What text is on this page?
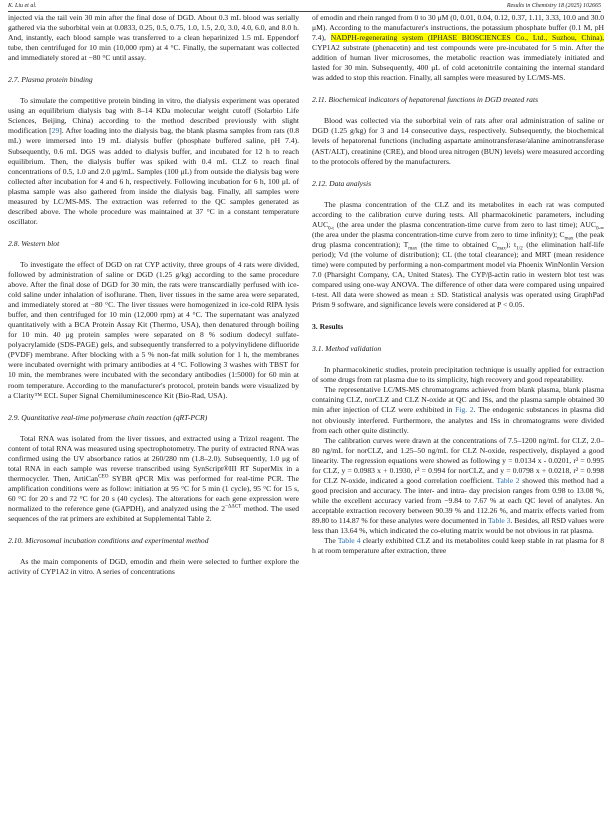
K. Liu et al.	Results in Chemistry 18 (2025) 102665

injected via the tail vein 30 min after the final dose of DGD. About 0.3 mL blood was serially gathered via the suborbital vein at 0.0833, 0.25, 0.5, 0.75, 1.0, 1.5, 2.0, 3.0, 4.0, 6.0, and 8.0 h. And, instantly, each blood sample was transferred to a clean heparinized 1.5 mL Eppendorf tube, then centrifuged for 10 min (10,000 rpm) at 4 °C. Finally, the supernatant was collected and immediately stored at −80 °C until assay.

2.7. Plasma protein binding

To simulate the competitive protein binding in vitro, the dialysis experiment was operated using an equilibrium dialysis bag with 8–14 KDa molecular weight cutoff (Solarbio Life Sciences, Beijing, China) according to the method described previously with slight modification [29]. After loading into the dialysis bag, the blank plasma samples from rats (0.8 mL) were immersed into 19 mL dialysis buffer (phosphate buffered saline, pH 7.4). Subsequently, 0.6 mL DGS was added to dialysis buffer, and incubated for 12 h to reach equilibrium. Then, the dialysis buffer was spiked with 0.4 mL CLZ to reach final concentrations of 0.5, 1.0 and 2.0 μg/mL. Samples (100 μL) from outside the dialysis bag were collected after incubation for 4 and 6 h, respectively. Following incubation for 6 h, 100 μL of plasma sample was also gathered from inside the dialysis bag. Finally, all samples were measured by LC/MS-MS. The extraction was referred to the QC samples generated as described above. The whole procedure was maintained at 37 °C in a constant temperature oscillator.

2.8. Western blot

To investigate the effect of DGD on rat CYP activity, three groups of 4 rats were divided, followed by administration of saline or DGD (1.25 g/kg) according to the same procedure above. After the final dose of DGD for 30 min, the rats were transcardially perfused with ice-cold saline under inhalation of isoflurane. Then, liver tissues in the same area were separated, and immediately stored at −80 °C. The liver tissues were homogenized in ice-cold RIPA lysis buffer, and then centrifuged for 10 min (12,000 rpm) at 4 °C. The supernatant was analyzed quantitatively with a BCA Protein Assay Kit (Thermo, USA), then denatured through boiling for 10 min. 40 μg protein samples were separated on 8 % sodium dodecyl sulfate-polyacrylamide (SDS-PAGE) gels, and subsequently transferred to a polyvinylidene difluoride (PVDF) membrane. After blocking with a 5 % non-fat milk solution for 1 h, the membranes were incubated overnight with primary antibodies at 4 °C. Following 3 washes with TBST for 10 min, the membranes were incubated with the secondary antibodies (1:5000) for 60 min at room temperature. According to the manufacturer's protocol, protein bands were visualized by a Clarity™ ECL Super Signal Chemiluminescence Kit (Bio-Rad, USA).

2.9. Quantitative real-time polymerase chain reaction (qRT-PCR)

Total RNA was isolated from the liver tissues, and extracted using a Trizol reagent. The content of total RNA was measured using spectrophotometry. The purity of extracted RNA was confirmed using the UV absorbance ratios at 260/280 nm (1.8–2.0). Subsequently, 1.0 μg of total RNA in each sample was reverse transcribed using SynScript®III RT SuperMix in a thermocycler. Then, ArtiCan$^{CEO}$ SYBR qPCR Mix was performed for real-time PCR. The amplification conditions were as follow: initiation at 95 °C for 5 min (1 cycle), 95 °C for 15 s, 60 °C for 20 s and 72 °C for 20 s (40 cycles). The alterations for each gene expression were normalized to the reference gene (GAPDH), and analyzed using the $2^{-\Delta\Delta CT}$ method. The used sequences of the rat primers are exhibited at Supplemental Table 2.

2.10. Microsomal incubation conditions and experimental method

As the main components of DGD, emodin and rhein were selected to further explore the activity of CYP1A2 in vitro. A series of concentrations

of emodin and rhein ranged from 0 to 30 μM (0, 0.01, 0.04, 0.12, 0.37, 1.11, 3.33, 10.0 and 30.0 μM). According to the manufacturer's instructions, the potassium phosphate buffer (0.1 M, pH 7.4), NADPH-regenerating system (IPHASE BIOSCIENCES Co., Ltd., Suzhou, China), CYP1A2 substrate (phenacetin) and test compounds were pre-incubated for 5 min. After the addition of human liver microsomes, the metabolic reaction was immediately initiated and lasted for 30 min. Subsequently, 400 μL of cold acetonitrile containing the internal standard was added to stop this reaction. Finally, all samples were measured by LC/MS-MS.

2.11. Biochemical indicators of hepatorenal functions in DGD treated rats

Blood was collected via the suborbital vein of rats after oral administration of saline or DGD (1.25 g/kg) for 3 and 14 consecutive days, respectively. Subsequently, the biochemical levels of hepatorenal functions (including aspartate aminotransferase/alanine aminotransferase (AST/ALT), creatinine (CRE), and blood urea nitrogen (BUN) levels) were measured according to the protocols offered by the manufacturers.

2.12. Data analysis

The plasma concentration of the CLZ and its metabolites in each rat was computed according to the calibration curve during tests. All pharmacokinetic parameters, including $AUC_{0-t}$ (the area under the plasma concentration-time curve from zero to last time); $AUC_{0-\infty}$ (the area under the plasma concentration-time curve from zero to time infinity); $C_{max}$ (the peak drug plasma concentration); $T_{max}$ (the time to obtained $C_{max}$); $t_{1/2}$ (the elimination half-life period); Vd (the volume of distribution); CL (the total clearance); and MRT (mean residence time) were computed by performing a non-compartment model via Phoenix WinNonlin Version 7.0 (Pharsight Company, CA, United States). The CYP/β-actin ratio in western blot test was compared using one-way ANOVA. The difference of other data were compared using unpaired t-test. All data were showed as mean ± SD. Statistical analysis was operated using GraphPad Prism 9 software, and significance levels were considered at P < 0.05.

3. Results
3.1. Method validation

In pharmacokinetic studies, protein precipitation technique is usually applied for extraction of some drugs from rat plasma due to its simplicity, high recovery and good repeatability.

The representative LC/MS-MS chromatograms achieved from blank plasma, blank plasma containing CLZ, norCLZ and CLZ N-oxide at QC and ISs, and the plasma sample obtained 30 min after injection of CLZ were exhibited in Fig. 2. The endogenic substances in plasma did not obviously interfered. Furthermore, the analytes and ISs in chromatograms were divided from each other quite distinctly.

The calibration curves were drawn at the concentrations of 7.5–1200 ng/mL for CLZ, 2.0–80 ng/mL for norCLZ, and 1.25–50 ng/mL for CLZ N-oxide, respectively, displayed a good linearity. The regression equations were showed as following y = 0.0134 x - 0.0201, r² = 0.995 for CLZ, y = 0.0983 x + 0.1930, r² = 0.994 for norCLZ, and y = 0.0798 x + 0.0218, r² = 0.998 for CLZ N-oxide, indicated a good correlation coefficient. Table 2 showed this method had a good precision and accuracy. The inter- and intra- day precision ranges from 0.98 to 13.08 %, while the excellent accuracy varied from −9.84 to 7.67 % at each QC level of analytes. An acceptable extraction recovery between 90.39 % and 112.26 %, and matrix effects varied from 89.80 to 114.87 % for these analytes were documented in Table 3. Besides, all RSD values were less than 13.64 %, which indicated the co-eluting matrix would be not obvious in rat plasma.

The Table 4 clearly exhibited CLZ and its metabolites could keep stable in rat plasma for 8 h at room temperature after extraction, three
